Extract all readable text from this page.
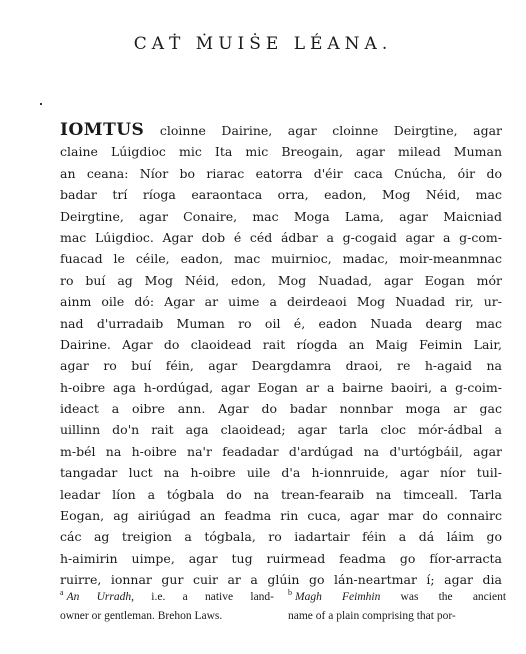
CAṪ ṀUIṠE LÉANA.
IOMTUS cloinne Dairine, agar cloinne Deirgtine, agar
claine Lúigdioc mic Ita mic Breogain, agar milead Muman
an ceana: Níor bo riarac eatorra d'éir caca Cnúcha, óir do
badar trí ríoga earaontaca orra, eadon, Mog Néid, mac
Deirgtine, agar Conaire, mac Moga Lama, agar Maicniad
mac Lúigdioc. Agar dob é céd ádbar a g-cogaid agar a g-com-
fuacad le céile, eadon, mac muirnioc, madac, moir-meanmnac
ro buí ag Mog Néid, edon, Mog Nuadad, agar Eogan mór
ainm oile dó: Agar ar uime a deirdeaoi Mog Nuadad rir, ur-
nad d'urradaib Muman ro oil é, eadon Nuada dearg mac
Dairine. Agar do claoidead rait ríogda an Maig Feimin Lair,
agar ro buí féin, agar Deargdamra draoi, re h-agaid na
h-oibre aga h-ordúgad, agar Eogan ar a bairne baoiri, a g-coim-
ideact a oibre ann. Agar do badar nonnbar moga ar gac
uillinn do'n rait aga claoidead; agar tarla cloc mór-ádbal a
m-bél na h-oibre na'r feadadar d'ardúgad na d'urtógbáil, agar
tangadar luct na h-oibre uile d'a h-ionnruide, agar níor tuil-
leadar líon a tógbala do na trean-fearaib na timceall. Tarla
Eogan, ag airiúgad an feadma rin cuca, agar mar do connairc
các ag treigion a tógbala, ro iadartair féin a dá láim go
h-aimirin uimpe, agar tug ruirmead feadma go fíor-arracta
ruirre, ionnar gur cuir ar a glúin go lán-neartmar í; agar dia
$^a$ An Urradh, i.e. a native land-
owner or gentleman. Brehon Laws.
$^b$ Magh Feimhin was the ancient
name of a plain comprising that por-
